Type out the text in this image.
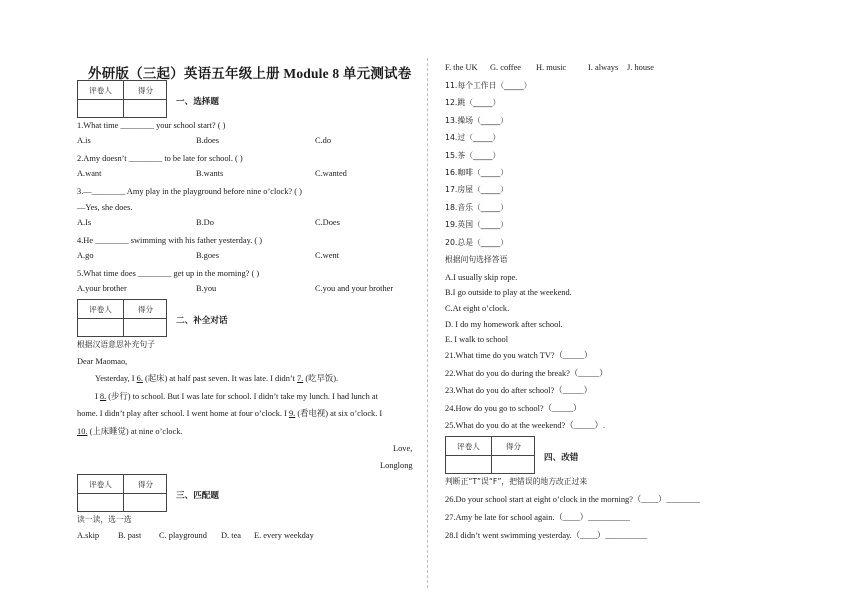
外研版（三起）英语五年级上册 Module 8 单元测试卷
评卷人	得分
一、选择题
1.What time ________ your school start? ( )
A.is	B.does	C.do
2.Amy doesn’t ________ to be late for school. ( )
A.want	B.wants	C.wanted
3.—________ Amy play in the playground before nine o’clock? ( )
—Yes, she does.
A.Is	B.Do	C.Does
4.He ________ swimming with his father yesterday. ( )
A.go	B.goes	C.went
5.What time does ________ get up in the morning? ( )
A.your brother	B.you	C.you and your brother
评卷人	得分
二、补全对话
根据汉语意思补充句子
Dear Maomao,
Yesterday, I 6. (起床) at half past seven. It was late. I didn’t 7. (吃早饭).
I 8. (步行) to school. But I was late for school. I didn’t take my lunch. I had lunch at
home. I didn’t play after school. I went home at four o’clock. I 9. (看电视) at six o’clock. I
10. (上床睡觉) at nine o’clock.
Love,
Longlong
评卷人	得分
三、匹配题
读一读，选一选
A.skip B. past C. playground D. tea E. every weekday
F. the UK G. coffee H. music	I. always J. house
11.每个工作日（_____）
12.跳（_____）
13.操场（_____）
14.过（_____）
15.茶（_____）
16.咖啡（_____）
17.房屋（_____）
18.音乐（_____）
19.英国（_____）
20.总是（_____）
根据问句选择答语
A.I usually skip rope.
B.I go outside to play at the weekend.
C.At eight o’clock.
D. I do my homework after school.
E. I walk to school
21.What time do you watch TV?（_____）
22.What do you do during the break?（_____）
23.What do you do after school?（_____）
24.How do you go to school?（_____）
25.What do you do at the weekend?（_____）.
评卷人	得分
四、改错
判断正“T”误“F”，把错误的地方改正过来
26.Do your school start at eight o’clock in the morning?（____）________
27.Amy be late for school again.（____）__________
28.I didn’t went swimming yesterday.（____）__________
